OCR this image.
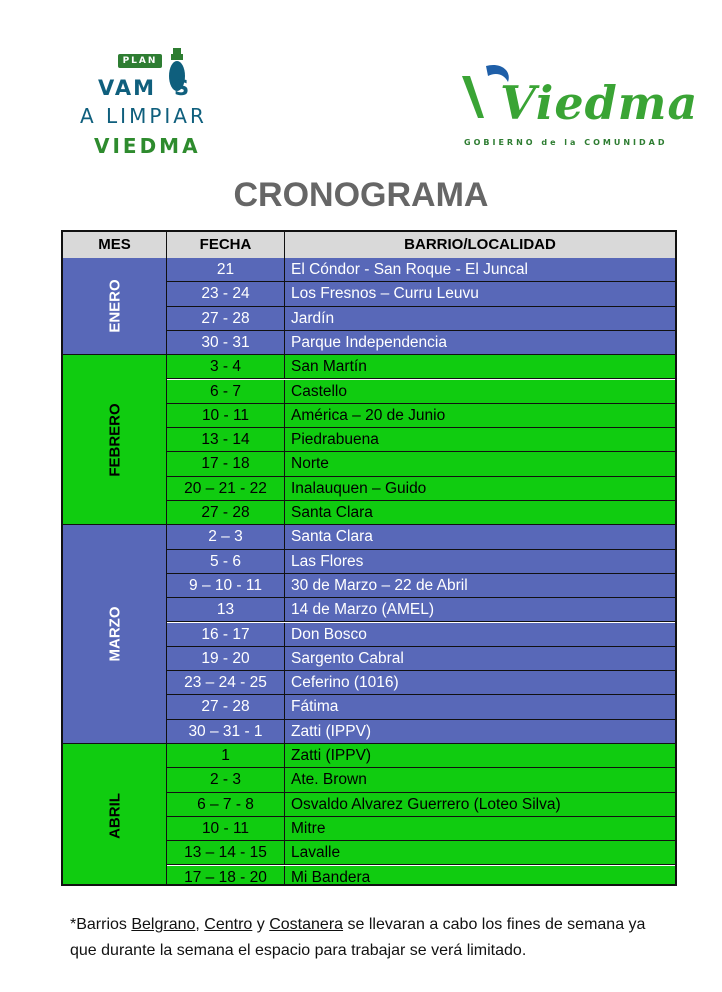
PLAN
VAM S
A LIMPIAR
VIEDMA
Viedma
GOBIERNO de la COMUNIDAD
CRONOGRAMA
MES	FECHA	BARRIO/LOCALIDAD
ENERO
21	El Cóndor - San Roque - El Juncal
23 - 24	Los Fresnos – Curru Leuvu
27 - 28	Jardín
30 - 31	Parque Independencia
FEBRERO
3 - 4	San Martín
6 - 7	Castello
10 - 11	América – 20 de Junio
13 - 14	Piedrabuena
17 - 18	Norte
20 – 21 - 22	Inalauquen – Guido
27 - 28	Santa Clara
MARZO
2 – 3	Santa Clara
5 - 6	Las Flores
9 – 10 - 11	30 de Marzo – 22 de Abril
13	14 de Marzo (AMEL)
16 - 17	Don Bosco
19 - 20	Sargento Cabral
23 – 24 - 25	Ceferino (1016)
27 - 28	Fátima
30 – 31 - 1	Zatti (IPPV)
ABRIL
1	Zatti (IPPV)
2 - 3	Ate. Brown
6 – 7 - 8	Osvaldo Alvarez Guerrero (Loteo Silva)
10 - 11	Mitre
13 – 14 - 15	Lavalle
17 – 18 - 20	Mi Bandera
*Barrios Belgrano, Centro y Costanera se llevaran a cabo los fines de semana ya que durante la semana el espacio para trabajar se verá limitado.
